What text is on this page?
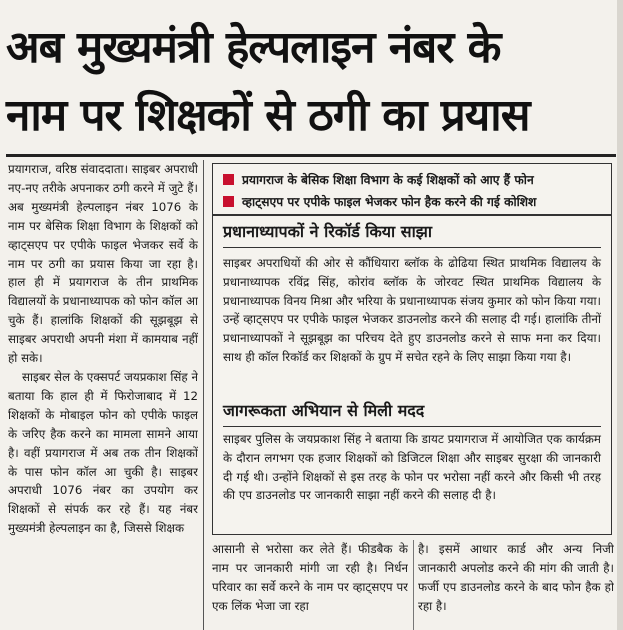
अब मुख्यमंत्री हेल्पलाइन नंबर के
नाम पर शिक्षकों से ठगी का प्रयास

प्रयागराज, वरिष्ठ संवाददाता। साइबर अपराधी नए-नए तरीके अपनाकर ठगी करने में जुटे हैं। अब मुख्यमंत्री हेल्पलाइन नंबर 1076 के नाम पर बेसिक शिक्षा विभाग के शिक्षकों को व्हाट्सएप पर एपीके फाइल भेजकर सर्वे के नाम पर ठगी का प्रयास किया जा रहा है। हाल ही में प्रयागराज के तीन प्राथमिक विद्यालयों के प्रधानाध्यापक को फोन कॉल आ चुके हैं। हालांकि शिक्षकों की सूझबूझ से साइबर अपराधी अपनी मंशा में कामयाब नहीं हो सके।

साइबर सेल के एक्सपर्ट जयप्रकाश सिंह ने बताया कि हाल ही में फिरोजाबाद में 12 शिक्षकों के मोबाइल फोन को एपीके फाइल के जरिए हैक करने का मामला सामने आया है। वहीं प्रयागराज में अब तक तीन शिक्षकों के पास फोन कॉल आ चुकी है। साइबर अपराधी 1076 नंबर का उपयोग कर शिक्षकों से संपर्क कर रहे हैं। यह नंबर मुख्यमंत्री हेल्पलाइन का है, जिससे शिक्षक

प्रयागराज के बेसिक शिक्षा विभाग के कई शिक्षकों को आए हैं फोन
व्हाट्सएप पर एपीके फाइल भेजकर फोन हैक करने की गई कोशिश
प्रधानाध्यापकों ने रिकॉर्ड किया साझा

साइबर अपराधियों की ओर से कौंधियारा ब्लॉक के ढोढिया स्थित प्राथमिक विद्यालय के प्रधानाध्यापक रविंद्र सिंह, कोरांव ब्लॉक के जोरवट स्थित प्राथमिक विद्यालय के प्रधानाध्यापक विनय मिश्रा और भरिया के प्रधानाध्यापक संजय कुमार को फोन किया गया। उन्हें व्हाट्सएप पर एपीके फाइल भेजकर डाउनलोड करने की सलाह दी गई। हालांकि तीनों प्रधानाध्यापकों ने सूझबूझ का परिचय देते हुए डाउनलोड करने से साफ मना कर दिया। साथ ही कॉल रिकॉर्ड कर शिक्षकों के ग्रुप में सचेत रहने के लिए साझा किया गया है।

जागरूकता अभियान से मिली मदद

साइबर पुलिस के जयप्रकाश सिंह ने बताया कि डायट प्रयागराज में आयोजित एक कार्यक्रम के दौरान लगभग एक हजार शिक्षकों को डिजिटल शिक्षा और साइबर सुरक्षा की जानकारी दी गई थी। उन्होंने शिक्षकों से इस तरह के फोन पर भरोसा नहीं करने और किसी भी तरह की एप डाउनलोड पर जानकारी साझा नहीं करने की सलाह दी है।

आसानी से भरोसा कर लेते हैं। फीडबैक के नाम पर जानकारी मांगी जा रही है। निर्धन परिवार का सर्वे करने के नाम पर व्हाट्सएप पर एक लिंक भेजा जा रहा

है। इसमें आधार कार्ड और अन्य निजी जानकारी अपलोड करने की मांग की जाती है। फर्जी एप डाउनलोड करने के बाद फोन हैक हो रहा है।
